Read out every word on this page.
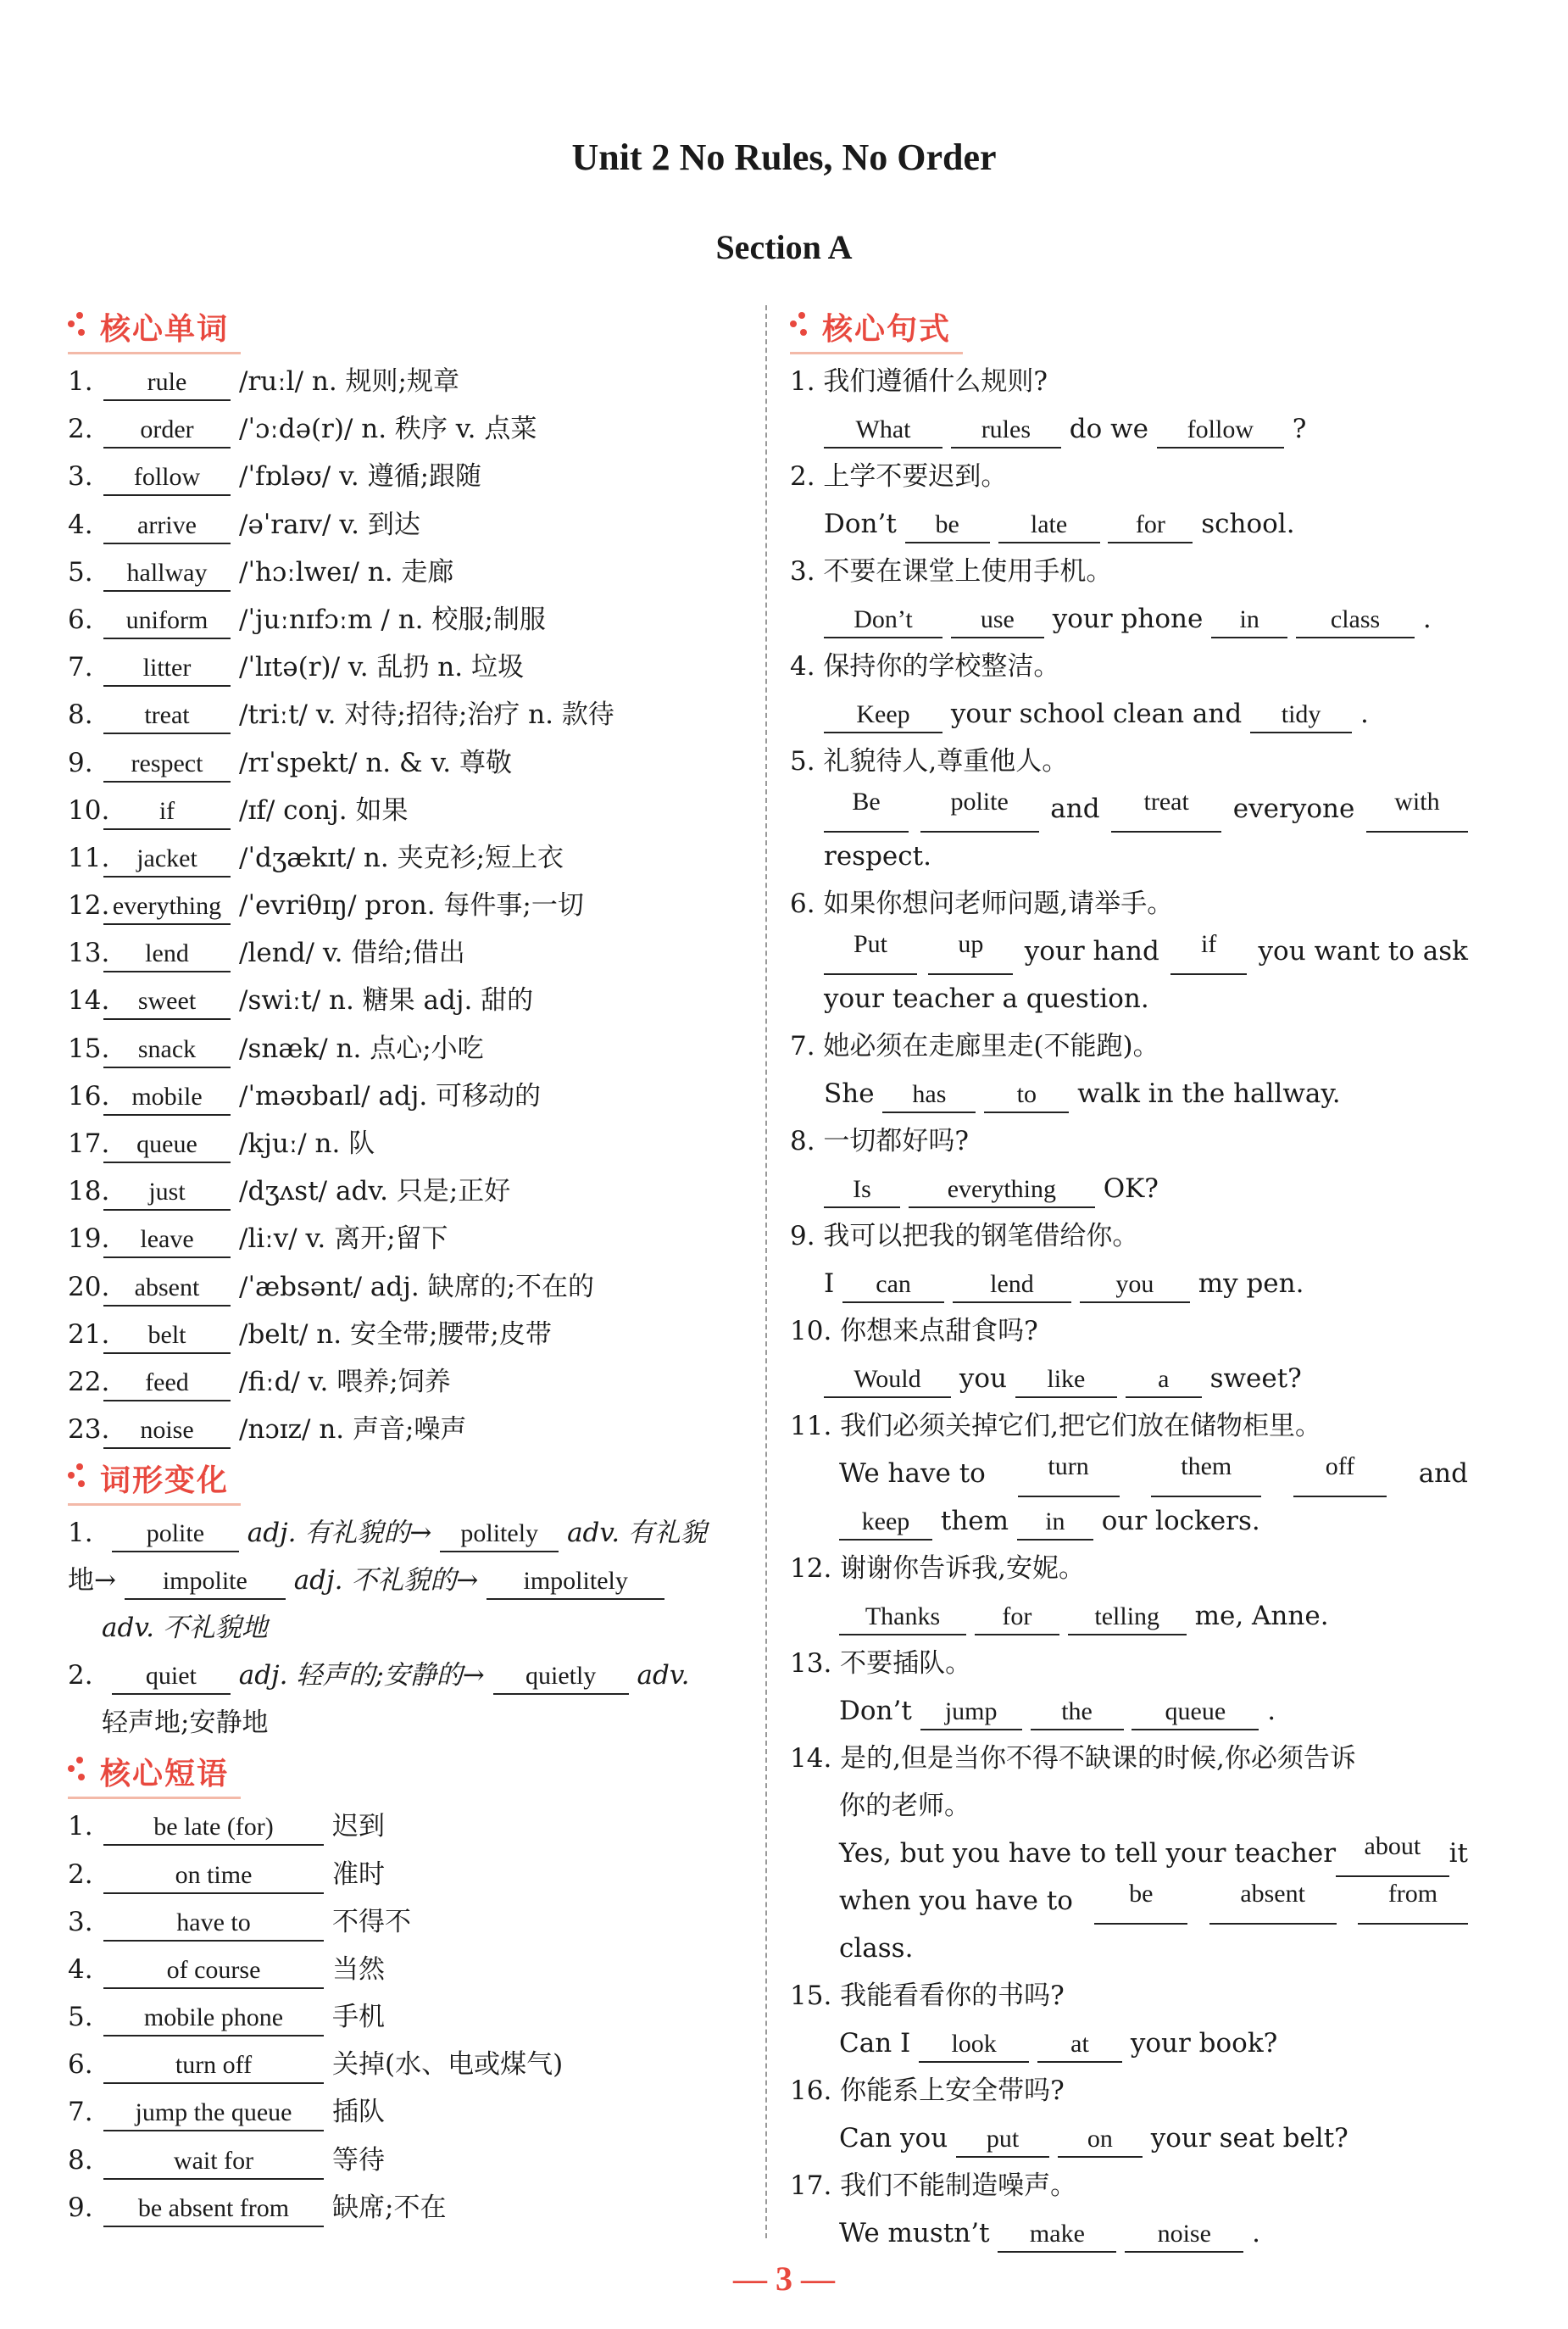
Unit 2 No Rules, No Order
Section A
核心单词
1. rule /ruːl/ n. 规则;规章
2. order /ˈɔːdə(r)/ n. 秩序 v. 点菜
3. follow /ˈfɒləʊ/ v. 遵循;跟随
4. arrive /əˈraɪv/ v. 到达
5. hallway /ˈhɔːlweɪ/ n. 走廊
6. uniform /ˈjuːnɪfɔːm / n. 校服;制服
7. litter /ˈlɪtə(r)/ v. 乱扔 n. 垃圾
8. treat /triːt/ v. 对待;招待;治疗 n. 款待
9. respect /rɪˈspekt/ n. & v. 尊敬
10. if /ɪf/ conj. 如果
11. jacket /ˈdʒækɪt/ n. 夹克衫;短上衣
12. everything /ˈevriθɪŋ/ pron. 每件事;一切
13. lend /lend/ v. 借给;借出
14. sweet /swiːt/ n. 糖果 adj. 甜的
15. snack /snæk/ n. 点心;小吃
16. mobile /ˈməʊbaɪl/ adj. 可移动的
17. queue /kjuː/ n. 队
18. just /dʒʌst/ adv. 只是;正好
19. leave /liːv/ v. 离开;留下
20. absent /ˈæbsənt/ adj. 缺席的;不在的
21. belt /belt/ n. 安全带;腰带;皮带
22. feed /fiːd/ v. 喂养;饲养
23. noise /nɔɪz/ n. 声音;噪声
词形变化
1. polite adj. 有礼貌的→ politely adv. 有礼貌
地→ impolite adj. 不礼貌的→ impolitely
adv. 不礼貌地
2. quiet adj. 轻声的;安静的→ quietly adv.
轻声地;安静地
核心短语
1. be late (for) 迟到
2.	on time	准时
3.	have to	不得不
4.	of course	当然
5. mobile phone 手机
6.	turn off	关掉(水、电或煤气)
7. jump the queue 插队
8.	wait for	等待
9. be absent from 缺席;不在
核心句式
1. 我们遵循什么规则?
What	rules do we follow ?
2. 上学不要迟到。
Don’t be	late	for school.
3. 不要在课堂上使用手机。
Don’t	use your phone in	class .
4. 保持你的学校整洁。
Keep your school clean and tidy .
5. 礼貌待人,尊重他人。
Be	polite	and	treat	everyone	with
respect.
6. 如果你想问老师问题,请举手。
Put	up	your hand	if	you want to ask
your teacher a question.
7. 她必须在走廊里走(不能跑)。
She has	to walk in the hallway.
8. 一切都好吗?
Is	everything OK?
9. 我可以把我的钢笔借给你。
I can	lend	you my pen.
10. 你想来点甜食吗?
Would you like	a sweet?
11. 我们必须关掉它们,把它们放在储物柜里。
We have to	turn	them	off	and
keep them in our lockers.
12. 谢谢你告诉我,安妮。
Thanks for telling me, Anne.
13. 不要插队。
Don’t jump	the	queue .
14. 是的,但是当你不得不缺课的时候,你必须告诉
你的老师。
Yes, but you have to tell your teacher	about	it
when you have to	be	absent	from
class.
15. 我能看看你的书吗?
Can I look	at your book?
16. 你能系上安全带吗?
Can you put	on your seat belt?
17. 我们不能制造噪声。
We mustn’t make	noise .
— 3 —
